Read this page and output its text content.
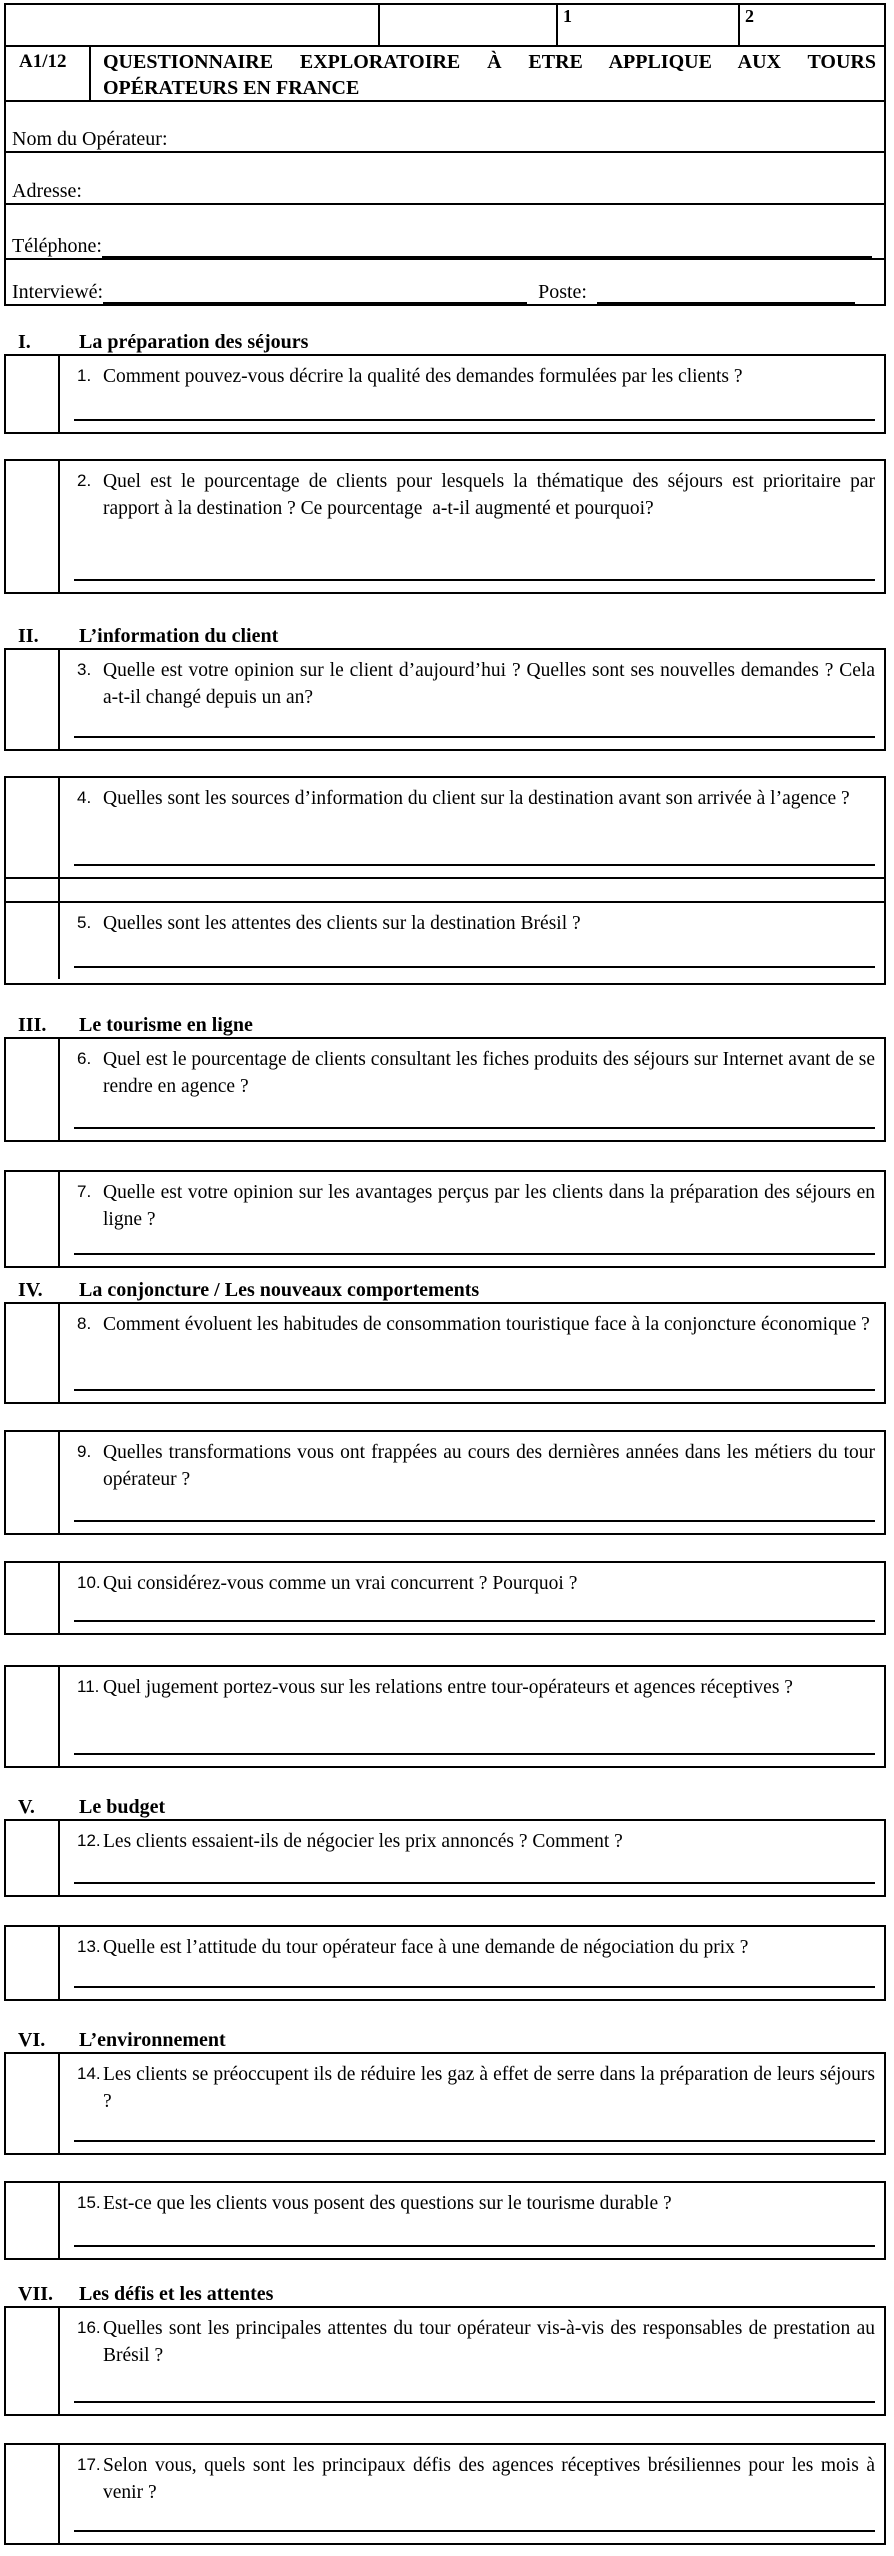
1	2
A1/12	QUESTIONNAIRE EXPLORATOIRE À ETRE APPLIQUE AUX TOURS OPÉRATEURS EN FRANCE
Nom du Opérateur:
Adresse:
Téléphone:
Interviewé:	Poste:
I. La préparation des séjours
1. Comment pouvez-vous décrire la qualité des demandes formulées par les clients ?
2. Quel est le pourcentage de clients pour lesquels la thématique des séjours est prioritaire par rapport à la destination ? Ce pourcentage  a-t-il augmenté et pourquoi?
II. L’information du client
3. Quelle est votre opinion sur le client d’aujourd’hui ? Quelles sont ses nouvelles demandes ? Cela a-t-il changé depuis un an?
4. Quelles sont les sources d’information du client sur la destination avant son arrivée à l’agence ?
5. Quelles sont les attentes des clients sur la destination Brésil ?
III. Le tourisme en ligne
6. Quel est le pourcentage de clients consultant les fiches produits des séjours sur Internet avant de se rendre en agence ?
7. Quelle est votre opinion sur les avantages perçus par les clients dans la préparation des séjours en ligne ?
IV. La conjoncture / Les nouveaux comportements
8. Comment évoluent les habitudes de consommation touristique face à la conjoncture économique ?
9. Quelles transformations vous ont frappées au cours des dernières années dans les métiers du tour opérateur ?
10. Qui considérez-vous comme un vrai concurrent ? Pourquoi ?
11. Quel jugement portez-vous sur les relations entre tour-opérateurs et agences réceptives ?
V. Le budget
12. Les clients essaient-ils de négocier les prix annoncés ? Comment ?
13. Quelle est l’attitude du tour opérateur face à une demande de négociation du prix ?
VI. L’environnement
14. Les clients se préoccupent ils de réduire les gaz à effet de serre dans la préparation de leurs séjours ?
15. Est-ce que les clients vous posent des questions sur le tourisme durable ?
VII. Les défis et les attentes
16. Quelles sont les principales attentes du tour opérateur vis-à-vis des responsables de prestation au Brésil ?
17. Selon vous, quels sont les principaux défis des agences réceptives brésiliennes pour les mois à venir ?
